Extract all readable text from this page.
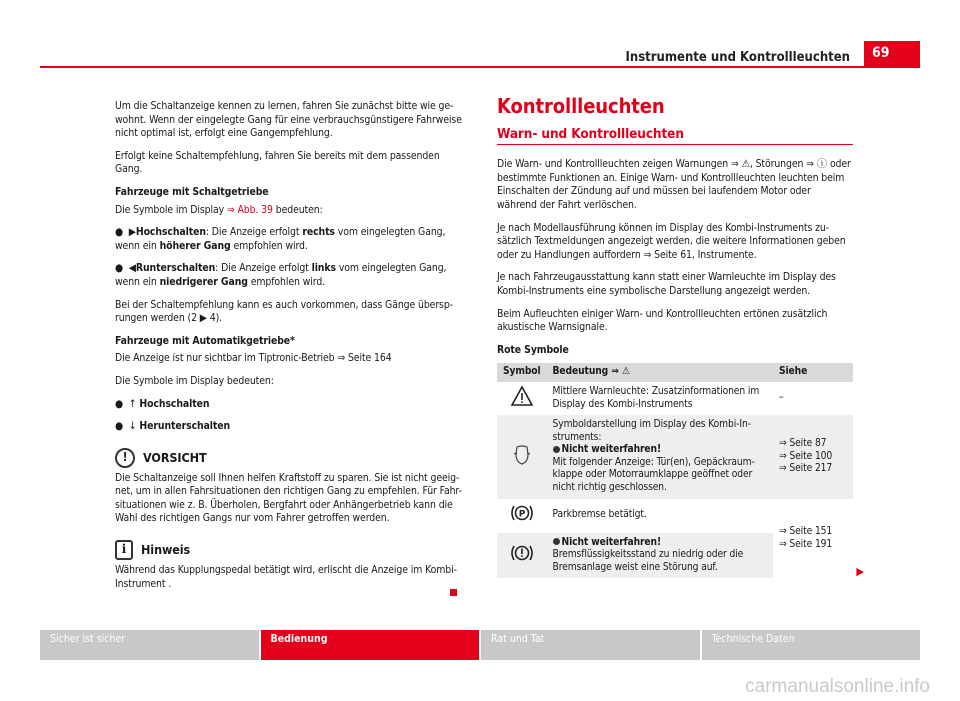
Instrumente und Kontrollleuchten	69

Um die Schaltanzeige kennen zu lernen, fahren Sie zunächst bitte wie ge-wohnt. Wenn der eingelegte Gang für eine verbrauchsgünstigere Fahrweise nicht optimal ist, erfolgt eine Gangempfehlung.

Erfolgt keine Schaltempfehlung, fahren Sie bereits mit dem passenden Gang.

Fahrzeuge mit Schaltgetriebe

Die Symbole im Display ⇒ Abb. 39 bedeuten:

●  ▶Hochschalten: Die Anzeige erfolgt rechts vom eingelegten Gang, wenn ein höherer Gang empfohlen wird.

●  ◀Runterschalten: Die Anzeige erfolgt links vom eingelegten Gang, wenn ein niedrigerer Gang empfohlen wird.

Bei der Schaltempfehlung kann es auch vorkommen, dass Gänge übersp-rungen werden (2 ▶ 4).

Fahrzeuge mit Automatikgetriebe*

Die Anzeige ist nur sichtbar im Tiptronic-Betrieb ⇒ Seite 164

Die Symbole im Display bedeuten:

●  ↑ Hochschalten

●  ↓ Herunterschalten

!	VORSICHT

Die Schaltanzeige soll Ihnen helfen Kraftstoff zu sparen. Sie ist nicht geeig-net, um in allen Fahrsituationen den richtigen Gang zu empfehlen. Für Fahr-situationen wie z. B. Überholen, Bergfahrt oder Anhängerbetrieb kann die Wahl des richtigen Gangs nur vom Fahrer getroffen werden.

i	Hinweis

Während das Kupplungspedal betätigt wird, erlischt die Anzeige im Kombi-Instrument .

Kontrollleuchten
Warn- und Kontrollleuchten

Die Warn- und Kontrollleuchten zeigen Warnungen ⇒ ⚠, Störungen ⇒ ⓘ oder bestimmte Funktionen an. Einige Warn- und Kontrollleuchten leuchten beim Einschalten der Zündung auf und müssen bei laufendem Motor oder während der Fahrt verlöschen.

Je nach Modellausführung können im Display des Kombi-Instruments zu-sätzlich Textmeldungen angezeigt werden, die weitere Informationen geben oder zu Handlungen auffordern ⇒ Seite 61, Instrumente.

Je nach Fahrzeugausstattung kann statt einer Warnleuchte im Display des Kombi-Instruments eine symbolische Darstellung angezeigt werden.

Beim Aufleuchten einiger Warn- und Kontrollleuchten ertönen zusätzlich akustische Warnsignale.

Rote Symbole

Symbol	Bedeutung ⇒ ⚠	Siehe
	Mittlere Warnleuchte: Zusatzinformationen im Display des Kombi-Instruments	–
	Symboldarstellung im Display des Kombi-In-struments:
Nicht weiterfahren!
Mit folgender Anzeige: Tür(en), Gepäckraum-klappe oder Motorraumklappe geöffnet oder nicht richtig geschlossen.	⇒ Seite 87
⇒ Seite 100
⇒ Seite 217

P	Parkbremse betätigt.	⇒ Seite 151
⇒ Seite 191
	Nicht weiterfahren!
Bremsflüssigkeitsstand zu niedrig oder die Bremsanlage weist eine Störung auf.		▶
Sicher ist sicher	Bedienung	Rat und Tat	Technische Daten
carmanualsonline.info
